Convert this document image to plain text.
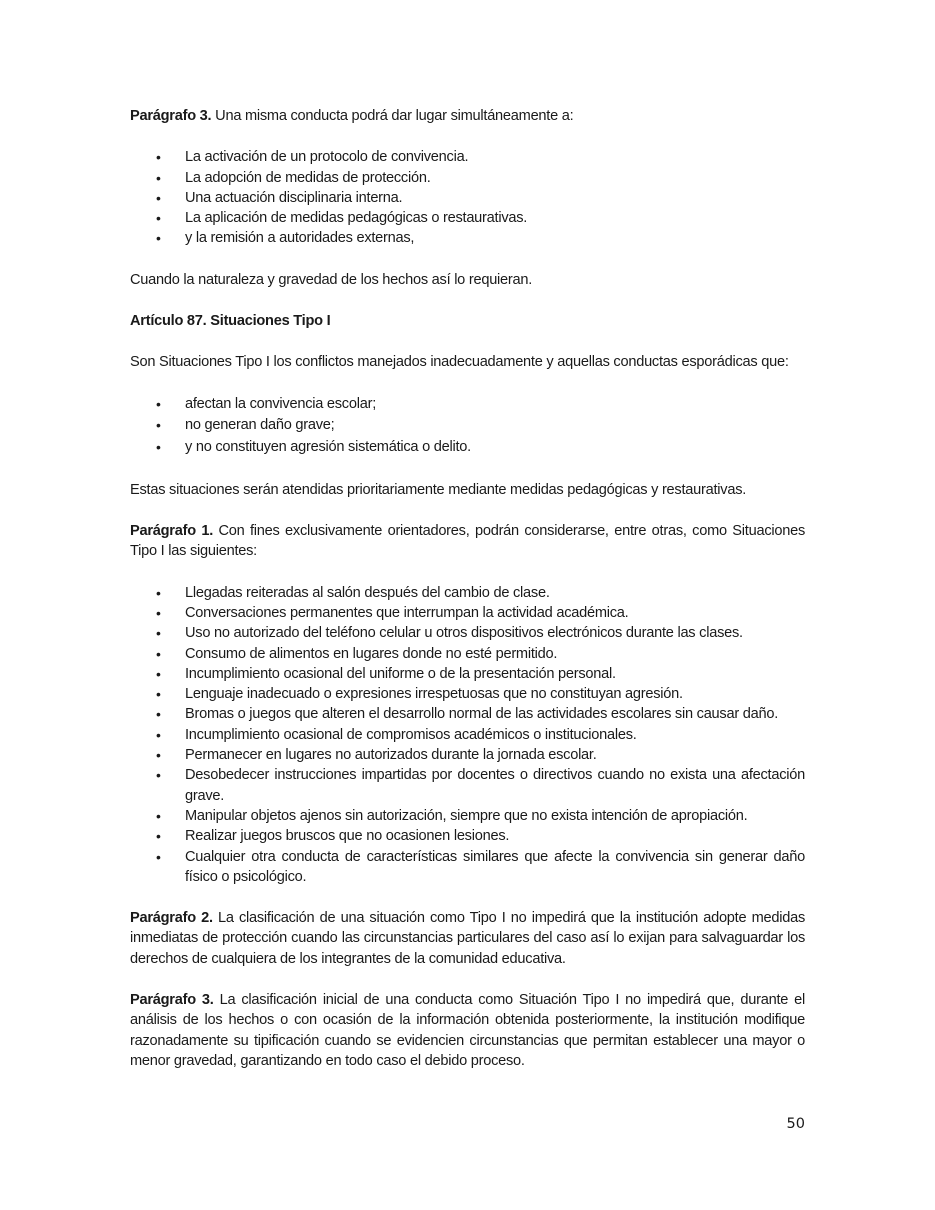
Parágrafo 3. Una misma conducta podrá dar lugar simultáneamente a:

• La activación de un protocolo de convivencia.
• La adopción de medidas de protección.
• Una actuación disciplinaria interna.
• La aplicación de medidas pedagógicas o restaurativas.
• y la remisión a autoridades externas,

Cuando la naturaleza y gravedad de los hechos así lo requieran.

Artículo 87. Situaciones Tipo I

Son Situaciones Tipo I los conflictos manejados inadecuadamente y aquellas conductas esporádicas que:

• afectan la convivencia escolar;
• no generan daño grave;
• y no constituyen agresión sistemática o delito.

Estas situaciones serán atendidas prioritariamente mediante medidas pedagógicas y restaurativas.

Parágrafo 1. Con fines exclusivamente orientadores, podrán considerarse, entre otras, como Situaciones Tipo I las siguientes:

• Llegadas reiteradas al salón después del cambio de clase.
• Conversaciones permanentes que interrumpan la actividad académica.
• Uso no autorizado del teléfono celular u otros dispositivos electrónicos durante las clases.
• Consumo de alimentos en lugares donde no esté permitido.
• Incumplimiento ocasional del uniforme o de la presentación personal.
• Lenguaje inadecuado o expresiones irrespetuosas que no constituyan agresión.
• Bromas o juegos que alteren el desarrollo normal de las actividades escolares sin causar daño.
• Incumplimiento ocasional de compromisos académicos o institucionales.
• Permanecer en lugares no autorizados durante la jornada escolar.
• Desobedecer instrucciones impartidas por docentes o directivos cuando no exista una afectación grave.
• Manipular objetos ajenos sin autorización, siempre que no exista intención de apropiación.
• Realizar juegos bruscos que no ocasionen lesiones.
• Cualquier otra conducta de características similares que afecte la convivencia sin generar daño físico o psicológico.

Parágrafo 2. La clasificación de una situación como Tipo I no impedirá que la institución adopte medidas inmediatas de protección cuando las circunstancias particulares del caso así lo exijan para salvaguardar los derechos de cualquiera de los integrantes de la comunidad educativa.

Parágrafo 3. La clasificación inicial de una conducta como Situación Tipo I no impedirá que, durante el análisis de los hechos o con ocasión de la información obtenida posteriormente, la institución modifique razonadamente su tipificación cuando se evidencien circunstancias que permitan establecer una mayor o menor gravedad, garantizando en todo caso el debido proceso.

50
